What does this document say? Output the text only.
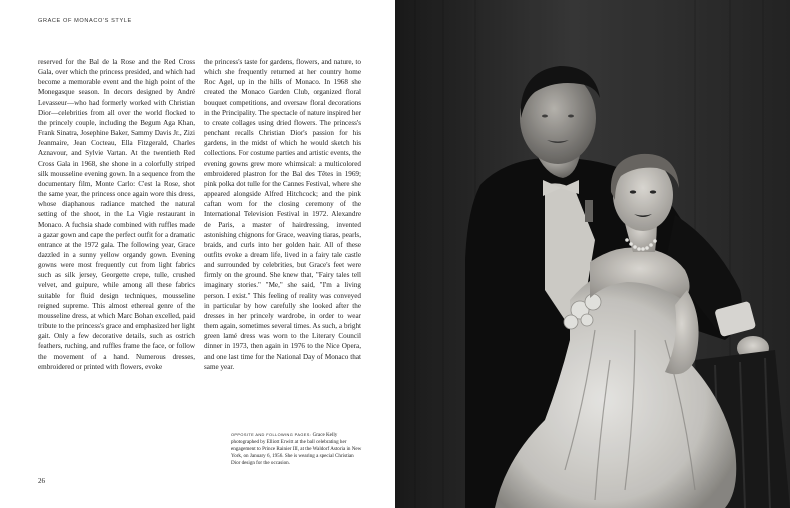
GRACE OF MONACO'S STYLE

reserved for the Bal de la Rose and the Red Cross Gala, over which the princess presided, and which had become a memorable event and the high point of the Monegasque season. In decors designed by André Levasseur—who had formerly worked with Christian Dior—celebrities from all over the world flocked to the princely couple, including the Begum Aga Khan, Frank Sinatra, Josephine Baker, Sammy Davis Jr., Zizi Jeanmaire, Jean Cocteau, Ella Fitzgerald, Charles Aznavour, and Sylvie Vartan. At the twentieth Red Cross Gala in 1968, she shone in a colorfully striped silk mousseline evening gown. In a sequence from the documentary film, Monte Carlo: C'est la Rose, shot the same year, the princess once again wore this dress, whose diaphanous radiance matched the natural setting of the shoot, in the La Vigie restaurant in Monaco. A fuchsia shade combined with ruffles made a gazar gown and cape the perfect outfit for a dramatic entrance at the 1972 gala. The following year, Grace dazzled in a sunny yellow organdy gown. Evening gowns were most frequently cut from light fabrics such as silk jersey, Georgette crepe, tulle, crushed velvet, and guipure, while among all these fabrics suitable for fluid design techniques, mousseline reigned supreme. This almost ethereal genre of the mousseline dress, at which Marc Bohan excelled, paid tribute to the princess's grace and emphasized her light gait. Only a few decorative details, such as ostrich feathers, ruching, and ruffles frame the face, or follow the movement of a hand. Numerous dresses, embroidered or printed with flowers, evoke

the princess's taste for gardens, flowers, and nature, to which she frequently returned at her country home Roc Agel, up in the hills of Monaco. In 1968 she created the Monaco Garden Club, organized floral bouquet competitions, and oversaw floral decorations in the Principality. The spectacle of nature inspired her to create collages using dried flowers. The princess's penchant recalls Christian Dior's passion for his gardens, in the midst of which he would sketch his collections. For costume parties and artistic events, the evening gowns grew more whimsical: a multicolored embroidered plastron for the Bal des Têtes in 1969; pink polka dot tulle for the Cannes Festival, where she appeared alongside Alfred Hitchcock; and the pink caftan worn for the closing ceremony of the International Television Festival in 1972. Alexandre de Paris, a master of hairdressing, invented astonishing chignons for Grace, weaving tiaras, pearls, braids, and curls into her golden hair. All of these outfits evoke a dream life, lived in a fairy tale castle and surrounded by celebrities, but Grace's feet were firmly on the ground. She knew that, "Fairy tales tell imaginary stories." "Me," she said, "I'm a living person. I exist." This feeling of reality was conveyed in particular by how carefully she looked after the dresses in her princely wardrobe, in order to wear them again, sometimes several times. As such, a bright green lamé dress was worn to the Literary Council dinner in 1973, then again in 1976 to the Nice Opera, and one last time for the National Day of Monaco that same year.

OPPOSITE AND FOLLOWING PAGES: Grace Kelly photographed by Elliott Erwitt at the ball celebrating her engagement to Prince Rainier III, at the Waldorf Astoria in New York, on January 6, 1956. She is wearing a special Christian Dior design for the occasion.
26
